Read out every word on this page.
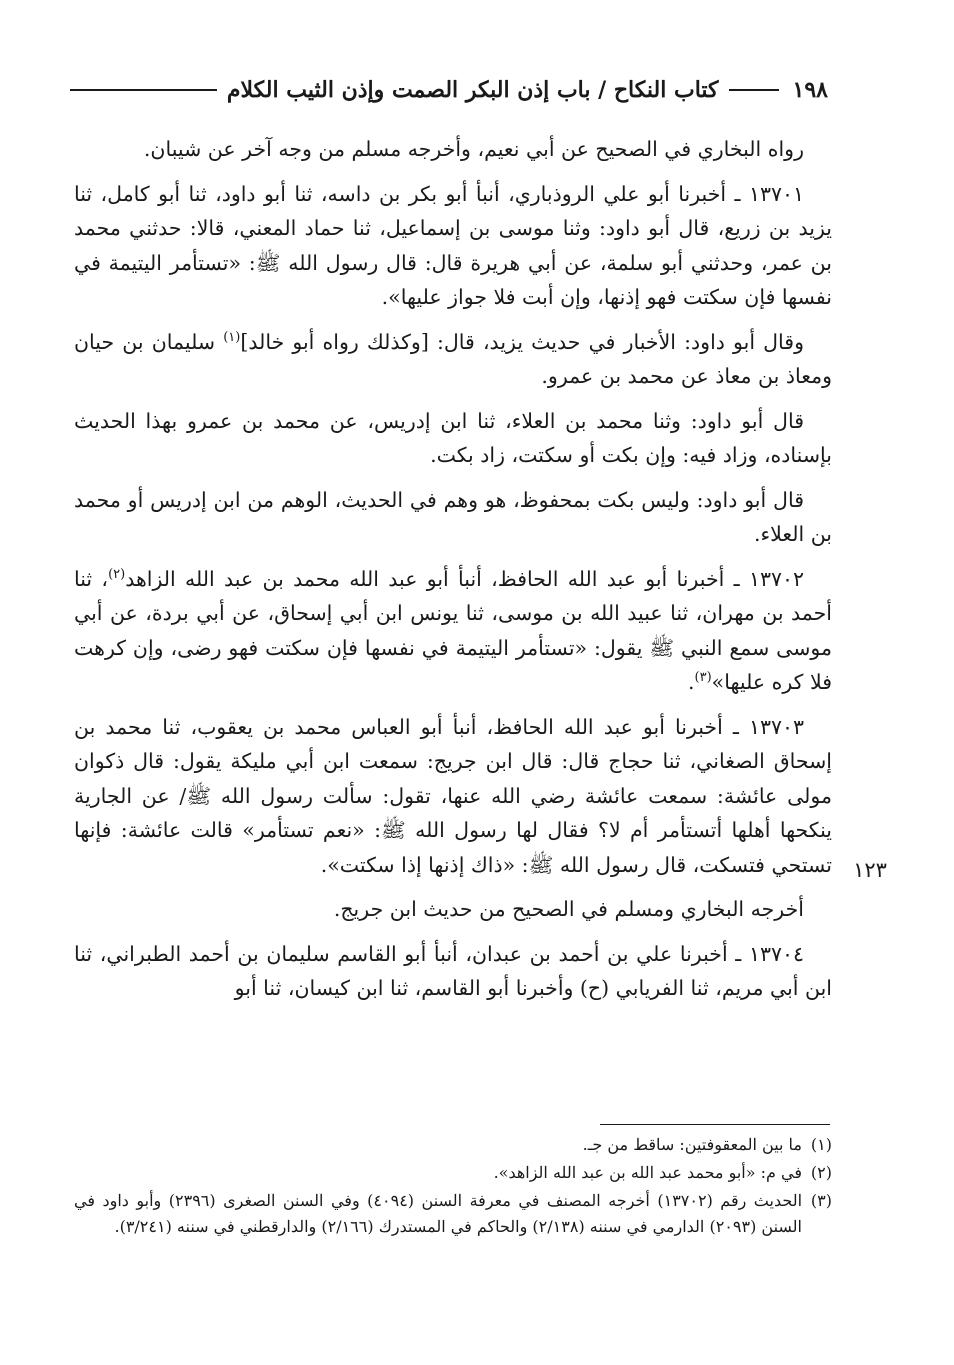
١٩٨
كتاب النكاح / باب إذن البكر الصمت وإذن الثيب الكلام
١٢٣

رواه البخاري في الصحيح عن أبي نعيم، وأخرجه مسلم من وجه آخر عن شيبان.

١٣٧٠١ ـ أخبرنا أبو علي الروذباري، أنبأ أبو بكر بن داسه، ثنا أبو داود، ثنا أبو كامل، ثنا يزيد بن زريع، قال أبو داود: وثنا موسى بن إسماعيل، ثنا حماد المعني، قالا: حدثني محمد بن عمر، وحدثني أبو سلمة، عن أبي هريرة قال: قال رسول الله ﷺ: «تستأمر اليتيمة في نفسها فإن سكتت فهو إذنها، وإن أبت فلا جواز عليها».

وقال أبو داود: الأخبار في حديث يزيد، قال: [وكذلك رواه أبو خالد]$^{(١)}$ سليمان بن حيان ومعاذ بن معاذ عن محمد بن عمرو.

قال أبو داود: وثنا محمد بن العلاء، ثنا ابن إدريس، عن محمد بن عمرو بهذا الحديث بإسناده، وزاد فيه: وإن بكت أو سكتت، زاد بكت.

قال أبو داود: وليس بكت بمحفوظ، هو وهم في الحديث، الوهم من ابن إدريس أو محمد بن العلاء.

١٣٧٠٢ ـ أخبرنا أبو عبد الله الحافظ، أنبأ أبو عبد الله محمد بن عبد الله الزاهد$^{(٢)}$، ثنا أحمد بن مهران، ثنا عبيد الله بن موسى، ثنا يونس ابن أبي إسحاق، عن أبي بردة، عن أبي موسى سمع النبي ﷺ يقول: «تستأمر اليتيمة في نفسها فإن سكتت فهو رضى، وإن كرهت فلا كره عليها»$^{(٣)}$.

١٣٧٠٣ ـ أخبرنا أبو عبد الله الحافظ، أنبأ أبو العباس محمد بن يعقوب، ثنا محمد بن إسحاق الصغاني، ثنا حجاج قال: قال ابن جريج: سمعت ابن أبي مليكة يقول: قال ذكوان مولى عائشة: سمعت عائشة رضي الله عنها، تقول: سألت رسول الله ﷺ/ عن الجارية ينكحها أهلها أتستأمر أم لا؟ فقال لها رسول الله ﷺ: «نعم تستأمر» قالت عائشة: فإنها تستحي فتسكت، قال رسول الله ﷺ: «ذاك إذنها إذا سكتت».

أخرجه البخاري ومسلم في الصحيح من حديث ابن جريج.

١٣٧٠٤ ـ أخبرنا علي بن أحمد بن عبدان، أنبأ أبو القاسم سليمان بن أحمد الطبراني، ثنا ابن أبي مريم، ثنا الفريابي (ح) وأخبرنا أبو القاسم، ثنا ابن كيسان، ثنا أبو

(١)
ما بين المعقوفتين: ساقط من جـ.
(٢)
في م: «أبو محمد عبد الله بن عبد الله الزاهد».
(٣)
الحديث رقم (١٣٧٠٢) أخرجه المصنف في معرفة السنن (٤٠٩٤) وفي السنن الصغرى (٢٣٩٦) وأبو داود في السنن (٢٠٩٣) الدارمي في سننه (٢/١٣٨) والحاكم في المستدرك (٢/١٦٦) والدارقطني في سننه (٣/٢٤١).
